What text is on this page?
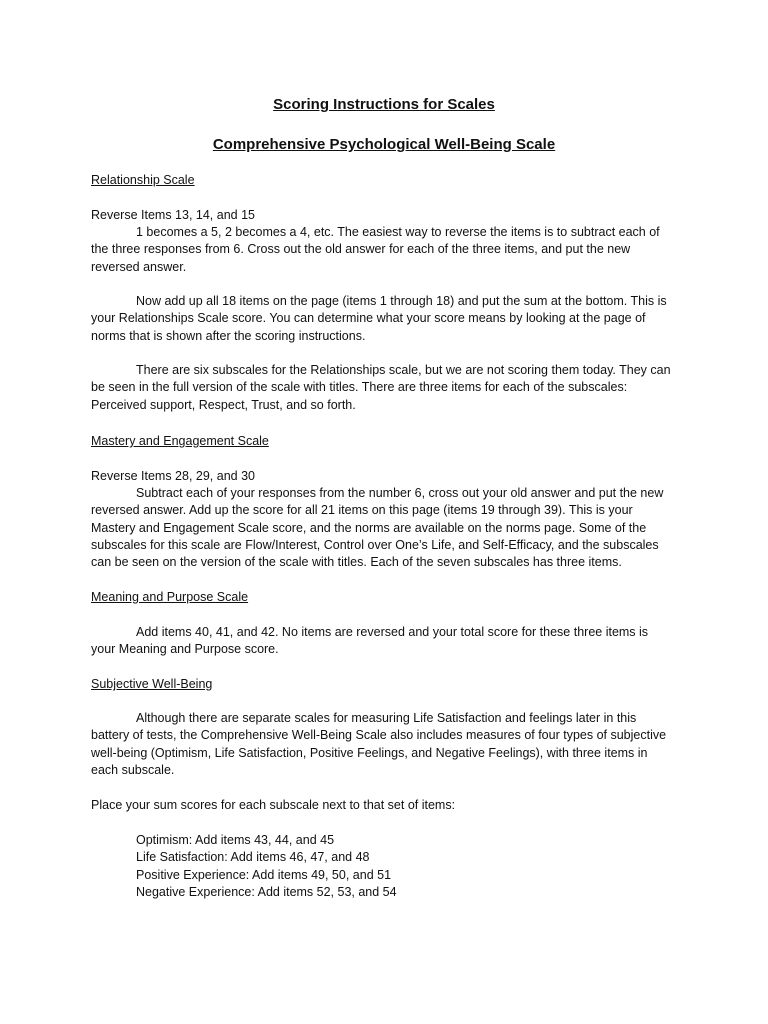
Scoring Instructions for Scales
Comprehensive Psychological Well-Being Scale
Relationship Scale
Reverse Items 13, 14, and 15
1 becomes a 5, 2 becomes a 4, etc. The easiest way to reverse the items is to subtract each of
the three responses from 6. Cross out the old answer for each of the three items, and put the new
reversed answer.
Now add up all 18 items on the page (items 1 through 18) and put the sum at the bottom. This is
your Relationships Scale score. You can determine what your score means by looking at the page of
norms that is shown after the scoring instructions.
There are six subscales for the Relationships scale, but we are not scoring them today. They can
be seen in the full version of the scale with titles. There are three items for each of the subscales:
Perceived support, Respect, Trust, and so forth.
Mastery and Engagement Scale
Reverse Items 28, 29, and 30
Subtract each of your responses from the number 6, cross out your old answer and put the new
reversed answer. Add up the score for all 21 items on this page (items 19 through 39). This is your
Mastery and Engagement Scale score, and the norms are available on the norms page. Some of the
subscales for this scale are Flow/Interest, Control over One’s Life, and Self-Efficacy, and the subscales
can be seen on the version of the scale with titles. Each of the seven subscales has three items.
Meaning and Purpose Scale
Add items 40, 41, and 42. No items are reversed and your total score for these three items is
your Meaning and Purpose score.
Subjective Well-Being
Although there are separate scales for measuring Life Satisfaction and feelings later in this
battery of tests, the Comprehensive Well-Being Scale also includes measures of four types of subjective
well-being (Optimism, Life Satisfaction, Positive Feelings, and Negative Feelings), with three items in
each subscale.
Place your sum scores for each subscale next to that set of items:
Optimism: Add items 43, 44, and 45
Life Satisfaction: Add items 46, 47, and 48
Positive Experience: Add items 49, 50, and 51
Negative Experience: Add items 52, 53, and 54
